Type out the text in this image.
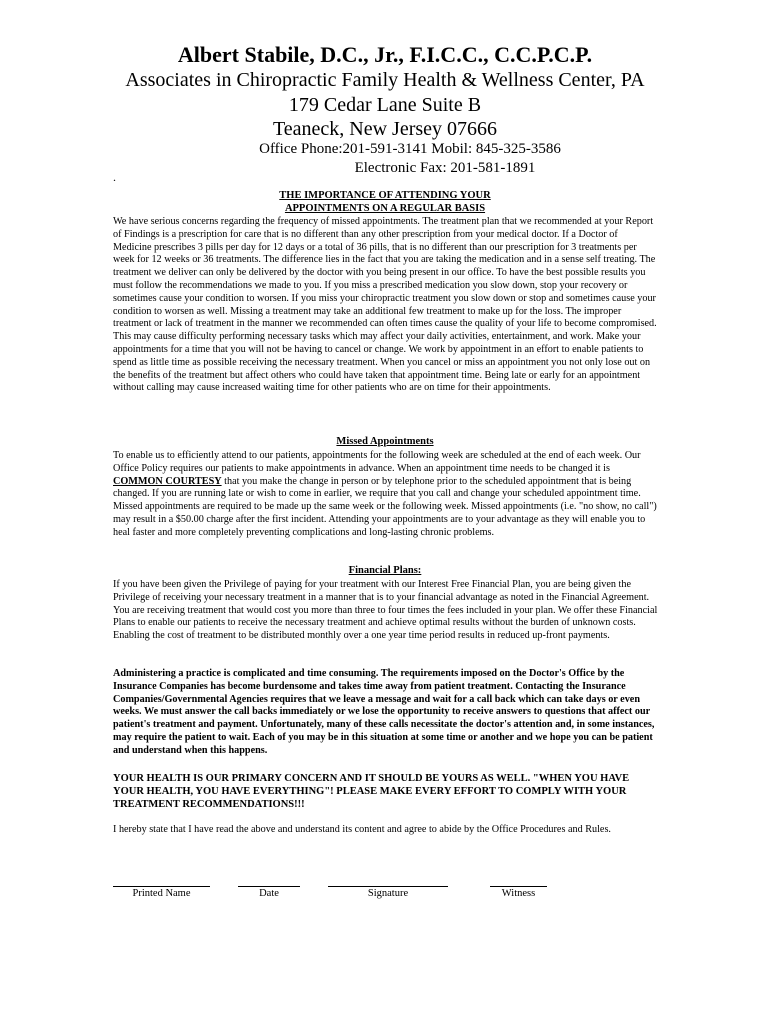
Albert Stabile, D.C., Jr., F.I.C.C., C.C.P.C.P.
Associates in Chiropractic Family Health & Wellness Center, PA
179 Cedar Lane Suite B
Teaneck, New Jersey 07666
Office Phone:201-591-3141 Mobil: 845-325-3586
Electronic Fax: 201-581-1891
.
THE IMPORTANCE OF ATTENDING YOUR
APPOINTMENTS ON A REGULAR BASIS
We have serious concerns regarding the frequency of missed appointments. The treatment plan that we recommended at your Report of Findings is a prescription for care that is no different than any other prescription from your medical doctor. If a Doctor of Medicine prescribes 3 pills per day for 12 days or a total of 36 pills, that is no different than our prescription for 3 treatments per week for 12 weeks or 36 treatments. The difference lies in the fact that you are taking the medication and in a sense self treating. The treatment we deliver can only be delivered by the doctor with you being present in our office. To have the best possible results you must follow the recommendations we made to you. If you miss a prescribed medication you slow down, stop your recovery or sometimes cause your condition to worsen. If you miss your chiropractic treatment you slow down or stop and sometimes cause your condition to worsen as well. Missing a treatment may take an additional few treatment to make up for the loss. The improper treatment or lack of treatment in the manner we recommended can often times cause the quality of your life to become compromised. This may cause difficulty performing necessary tasks which may affect your daily activities, entertainment, and work. Make your appointments for a time that you will not be having to cancel or change. We work by appointment in an effort to enable patients to spend as little time as possible receiving the necessary treatment. When you cancel or miss an appointment you not only lose out on the benefits of the treatment but affect others who could have taken that appointment time. Being late or early for an appointment without calling may cause increased waiting time for other patients who are on time for their appointments.
Missed Appointments
To enable us to efficiently attend to our patients, appointments for the following week are scheduled at the end of each week. Our Office Policy requires our patients to make appointments in advance. When an appointment time needs to be changed it is COMMON COURTESY that you make the change in person or by telephone prior to the scheduled appointment that is being changed. If you are running late or wish to come in earlier, we require that you call and change your scheduled appointment time. Missed appointments are required to be made up the same week or the following week. Missed appointments (i.e. "no show, no call") may result in a $50.00 charge after the first incident. Attending your appointments are to your advantage as they will enable you to heal faster and more completely preventing complications and long-lasting chronic problems.
Financial Plans:
If you have been given the Privilege of paying for your treatment with our Interest Free Financial Plan, you are being given the Privilege of receiving your necessary treatment in a manner that is to your financial advantage as noted in the Financial Agreement. You are receiving treatment that would cost you more than three to four times the fees included in your plan. We offer these Financial Plans to enable our patients to receive the necessary treatment and achieve optimal results without the burden of unknown costs. Enabling the cost of treatment to be distributed monthly over a one year time period results in reduced up-front payments.
Administering a practice is complicated and time consuming. The requirements imposed on the Doctor's Office by the Insurance Companies has become burdensome and takes time away from patient treatment. Contacting the Insurance Companies/Governmental Agencies requires that we leave a message and wait for a call back which can take days or even weeks. We must answer the call backs immediately or we lose the opportunity to receive answers to questions that affect our patient's treatment and payment. Unfortunately, many of these calls necessitate the doctor's attention and, in some instances, may require the patient to wait. Each of you may be in this situation at some time or another and we hope you can be patient and understand when this happens.
YOUR HEALTH IS OUR PRIMARY CONCERN AND IT SHOULD BE YOURS AS WELL. "WHEN YOU HAVE YOUR HEALTH, YOU HAVE EVERYTHING"! PLEASE MAKE EVERY EFFORT TO COMPLY WITH YOUR TREATMENT RECOMMENDATIONS!!!
I hereby state that I have read the above and understand its content and agree to abide by the Office Procedures and Rules.
Printed Name	Date	Signature	Witness
